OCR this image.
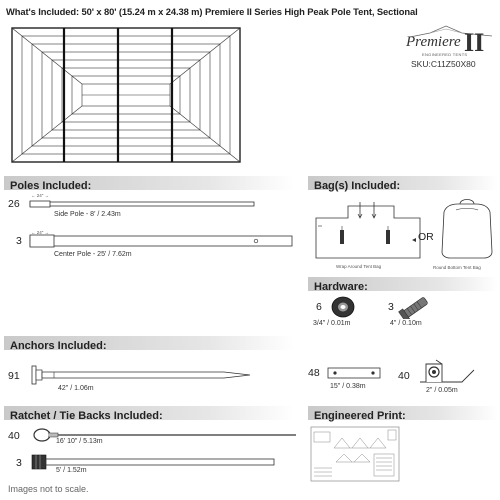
What's Included: 50' x 80' (15.24 m x 24.38 m) Premiere II Series High Peak Pole Tent, Sectional
Premiere II
ENGINEERED TENTS
SKU:C11Z50X80
Poles Included:
26
← 24" →
Side Pole - 8' / 2.43m
3
← 24" →
Center Pole - 25' / 7.62m
Bag(s) Included:
Wrap Around Tent Bag
OR
Round Bottom Tent Bag
Hardware:
6
3/4" / 0.01m
3
4" / 0.10m
Anchors Included:
91
42" / 1.06m
48
15" / 0.38m
40
2" / 0.05m
Ratchet / Tie Backs Included:
40	16' 10" / 5.13m
3
5' / 1.52m
Engineered Print:
Images not to scale.
